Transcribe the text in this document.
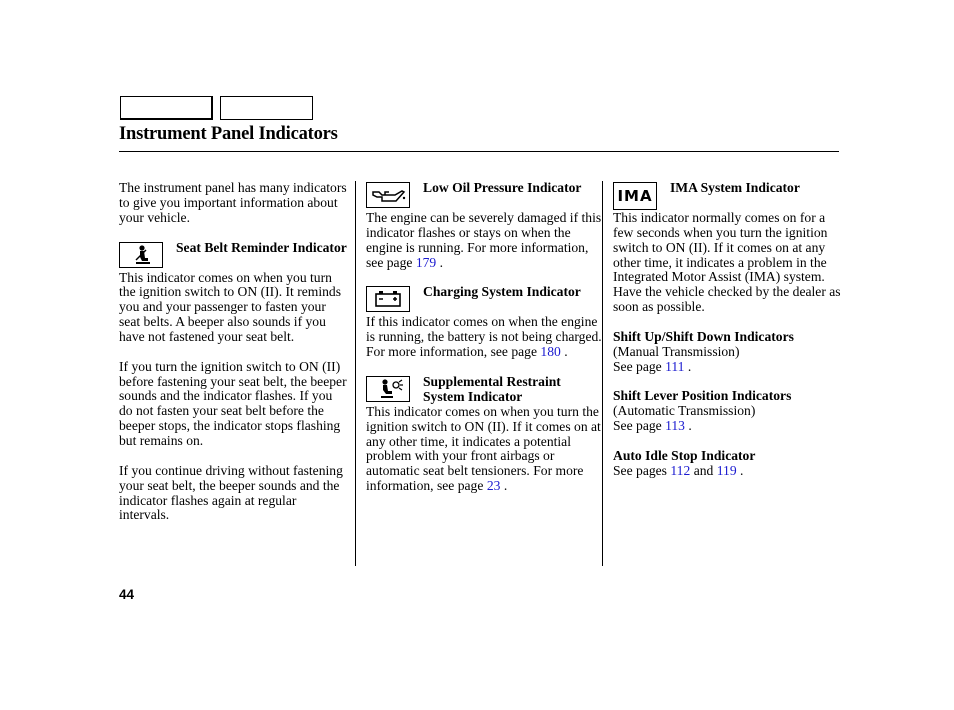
Instrument Panel Indicators

The instrument panel has many indicators to give you important information about your vehicle.

Seat Belt Reminder Indicator

This indicator comes on when you turn the ignition switch to ON (II). It reminds you and your passenger to fasten your seat belts. A beeper also sounds if you have not fastened your seat belt.

If you turn the ignition switch to ON (II) before fastening your seat belt, the beeper sounds and the indicator flashes. If you do not fasten your seat belt before the beeper stops, the indicator stops flashing but remains on.

If you continue driving without fastening your seat belt, the beeper sounds and the indicator flashes again at regular intervals.

Low Oil Pressure Indicator

The engine can be severely damaged if this indicator flashes or stays on when the engine is running. For more information, see page 179 .

Charging System Indicator

If this indicator comes on when the engine is running, the battery is not being charged. For more information, see page 180 .

Supplemental Restraint System Indicator

This indicator comes on when you turn the ignition switch to ON (II). If it comes on at any other time, it indicates a potential problem with your front airbags or automatic seat belt tensioners. For more information, see page 23 .

IMA IMA System Indicator

This indicator normally comes on for a few seconds when you turn the ignition switch to ON (II). If it comes on at any other time, it indicates a problem in the Integrated Motor Assist (IMA) system. Have the vehicle checked by the dealer as soon as possible.

Shift Up/Shift Down Indicators

(Manual Transmission)

See page 111 .

Shift Lever Position Indicators

(Automatic Transmission)

See page 113 .

Auto Idle Stop Indicator

See pages 112 and 119 .

44
